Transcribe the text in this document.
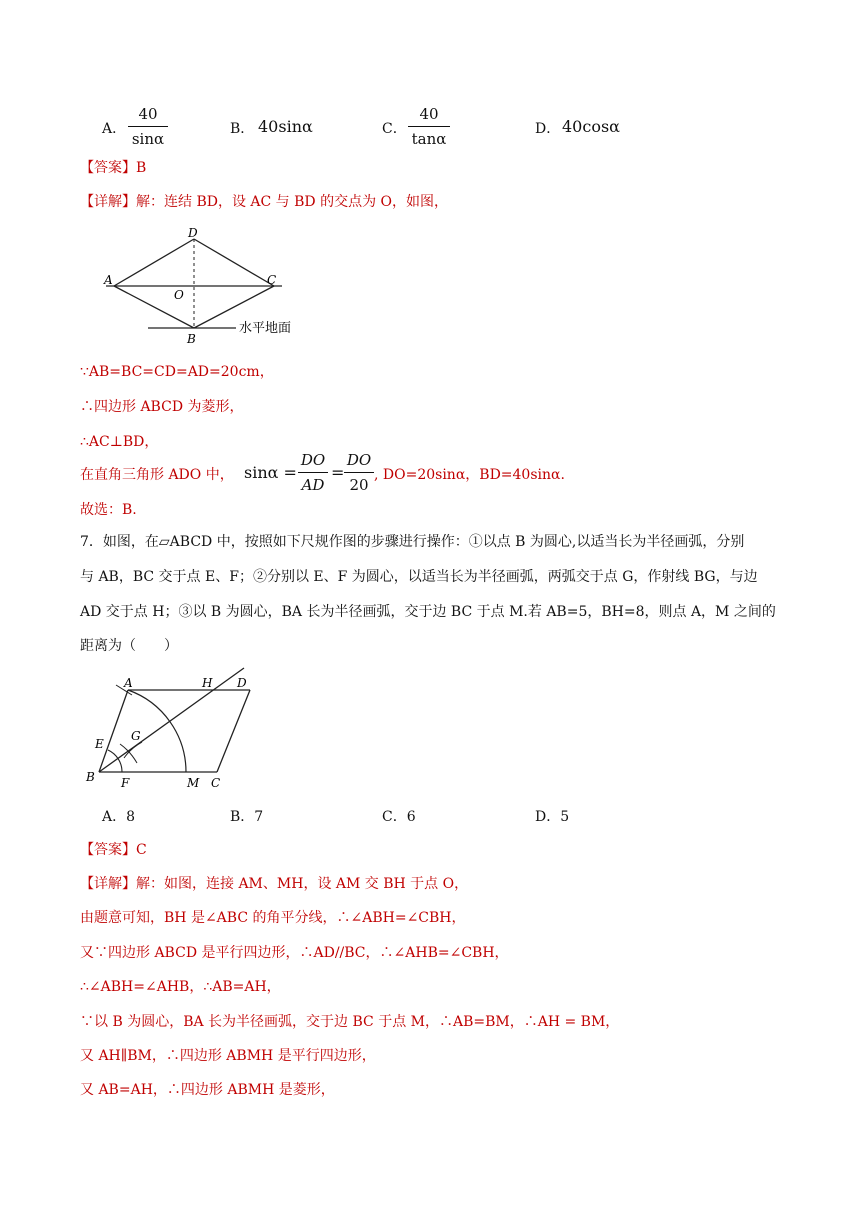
A．
40
sinα
B． 40sinα	C．
40
tanα
D． 40cosα
【答案】B
【详解】解：连结 BD，设 AC 与 BD 的交点为 O，如图，
D
A	C
O
B
水平地面
∵AB=BC=CD=AD=20cm，
∴四边形 ABCD 为菱形，
∴AC⊥BD，
在直角三角形 ADO 中， sinα =
DO
AD
=
DO
20
, DO=20sinα，BD=40sinα.
故选：B.
7．如图，在▱ABCD 中，按照如下尺规作图的步骤进行操作：①以点 B 为圆心,以适当长为半径画弧，分别
与 AB，BC 交于点 E、F；②分别以 E、F 为圆心，以适当长为半径画弧，两弧交于点 G，作射线 BG，与边
AD 交于点 H；③以 B 为圆心，BA 长为半径画弧，交于边 BC 于点 M.若 AB=5，BH=8，则点 A，M 之间的
距离为（　　）
A	H D
E
G
B F	M C
A．8	B．7	C．6	D．5
【答案】C
【详解】解：如图，连接 AM、MH，设 AM 交 BH 于点 O，
由题意可知，BH 是∠ABC 的角平分线，∴∠ABH=∠CBH，
又∵四边形 ABCD 是平行四边形，∴AD//BC，∴∠AHB=∠CBH，
∴∠ABH=∠AHB，∴AB=AH，
∵以 B 为圆心，BA 长为半径画弧，交于边 BC 于点 M，∴AB=BM，∴AH = BM，
又 AH∥BM，∴四边形 ABMH 是平行四边形，
又 AB=AH，∴四边形 ABMH 是菱形，
